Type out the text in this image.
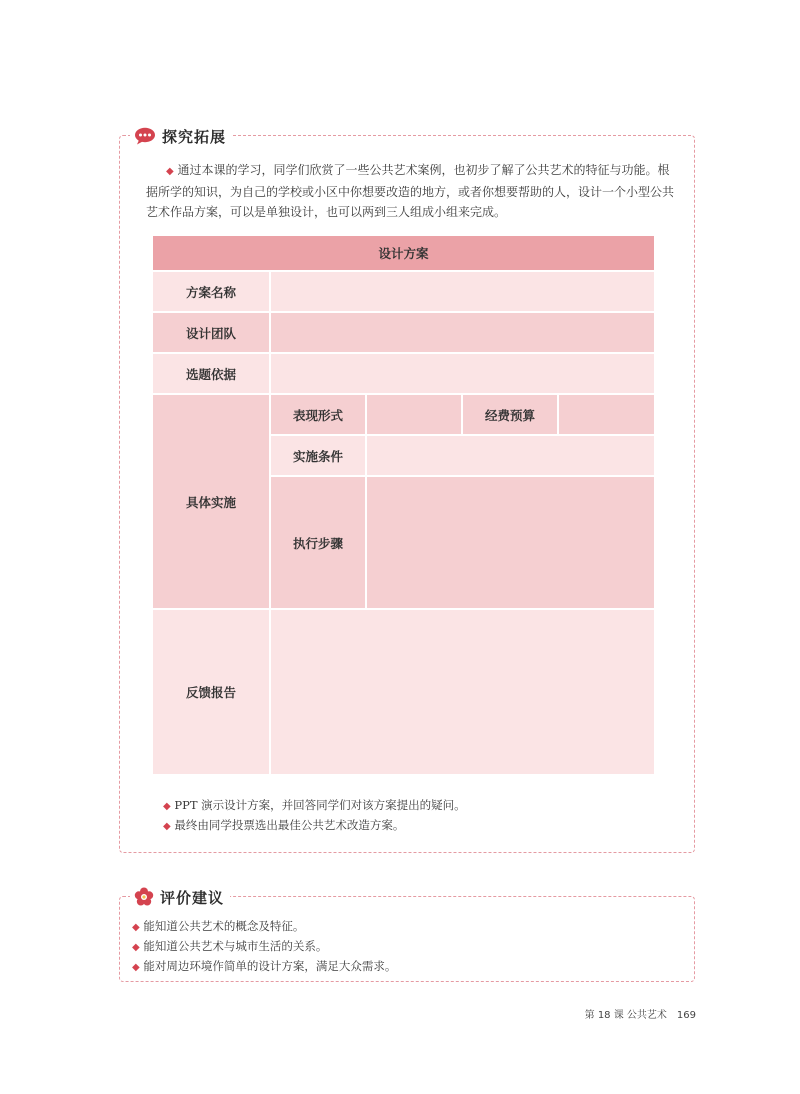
探究拓展

◆ 通过本课的学习，同学们欣赏了一些公共艺术案例，也初步了解了公共艺术的特征与功能。根据所学的知识，为自己的学校或小区中你想要改造的地方，或者你想要帮助的人，设计一个小型公共艺术作品方案，可以是单独设计，也可以两到三人组成小组来完成。

设计方案				
方案名称				
设计团队				
选题依据				
具体实施	表现形式		经费预算	
	实施条件			
	执行步骤			
反馈报告				
◆ PPT 演示设计方案，并回答同学们对该方案提出的疑问。
◆ 最终由同学投票选出最佳公共艺术改造方案。
评价建议
◆ 能知道公共艺术的概念及特征。
◆ 能知道公共艺术与城市生活的关系。
◆ 能对周边环境作简单的设计方案，满足大众需求。
第 18 课 公共艺术 169
